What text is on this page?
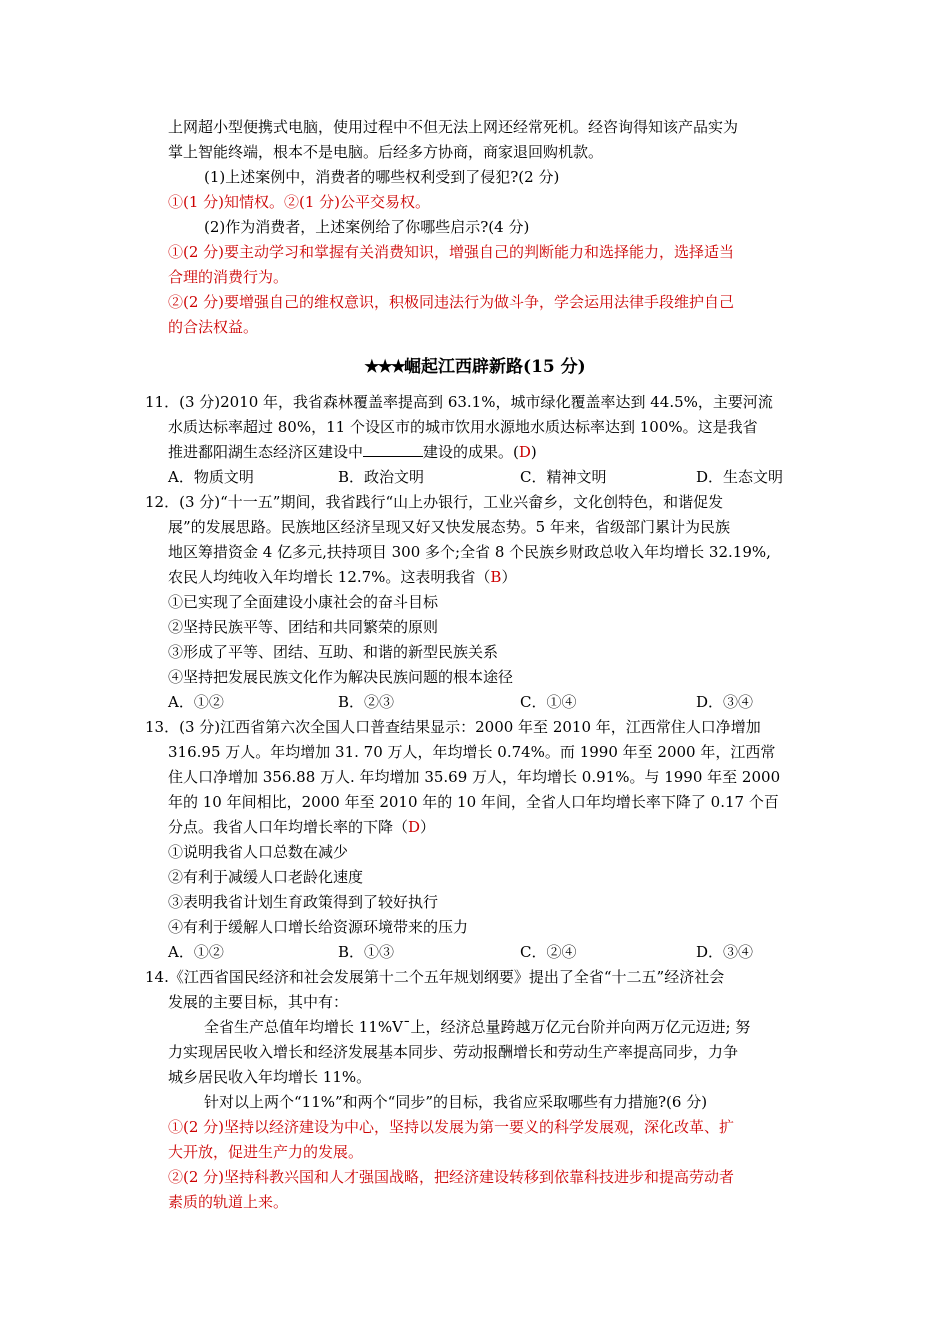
上网超小型便携式电脑，使用过程中不但无法上网还经常死机。经咨询得知该产品实为
掌上智能终端，根本不是电脑。后经多方协商，商家退回购机款。
(1)上述案例中，消费者的哪些权利受到了侵犯?(2 分)
①(1 分)知情权。②(1 分)公平交易权。
(2)作为消费者，上述案例给了你哪些启示?(4 分)
①(2 分)要主动学习和掌握有关消费知识，增强自己的判断能力和选择能力，选择适当
合理的消费行为。
②(2 分)要增强自己的维权意识，积极同违法行为做斗争，学会运用法律手段维护自己
的合法权益。
★★★崛起江西辟新路(15 分)
11．(3 分)2010 年，我省森林覆盖率提高到 63.1%，城市绿化覆盖率达到 44.5%，主要河流
水质达标率超过 80%，11 个设区市的城市饮用水源地水质达标率达到 100%。这是我省
推进鄱阳湖生态经济区建设中	建设的成果。(D)
A．物质文明	B．政治文明	C．精神文明	D．生态文明
12．(3 分)“十一五”期间，我省践行“山上办银行，工业兴畲乡，文化创特色，和谐促发
展”的发展思路。民族地区经济呈现又好又快发展态势。5 年来，省级部门累计为民族
地区筹措资金 4 亿多元,扶持项目 300 多个;全省 8 个民族乡财政总收入年均增长 32.19%,
农民人均纯收入年均增长 12.7%。这表明我省（B）
①已实现了全面建设小康社会的奋斗目标
②坚持民族平等、团结和共同繁荣的原则
③形成了平等、团结、互助、和谐的新型民族关系
④坚持把发展民族文化作为解决民族问题的根本途径
A．①②	B．②③	C．①④	D．③④
13．(3 分)江西省第六次全国人口普查结果显示：2000 年至 2010 年，江西常住人口净增加
316.95 万人。年均增加 31. 70 万人，年均增长 0.74%。而 1990 年至 2000 年，江西常
住人口净增加 356.88 万人. 年均增加 35.69 万人，年均增长 0.91%。与 1990 年至 2000
年的 10 年间相比，2000 年至 2010 年的 10 年间，全省人口年均增长率下降了 0.17 个百
分点。我省人口年均增长率的下降（D）
①说明我省人口总数在减少
②有利于减缓人口老龄化速度
③表明我省计划生育政策得到了较好执行
④有利于缓解人口增长给资源环境带来的压力
A．①②	B．①③	C．②④	D．③④
14.《江西省国民经济和社会发展第十二个五年规划纲要》提出了全省“十二五”经济社会
发展的主要目标，其中有：
全省生产总值年均增长 11%V¯上，经济总量跨越万亿元台阶并向两万亿元迈进; 努
力实现居民收入增长和经济发展基本同步、劳动报酬增长和劳动生产率提高同步，力争
城乡居民收入年均增长 11%。
针对以上两个“11%”和两个“同步”的目标，我省应采取哪些有力措施?(6 分)
①(2 分)坚持以经济建设为中心，坚持以发展为第一要义的科学发展观，深化改革、扩
大开放，促进生产力的发展。
②(2 分)坚持科教兴国和人才强国战略，把经济建设转移到依靠科技进步和提高劳动者
素质的轨道上来。
